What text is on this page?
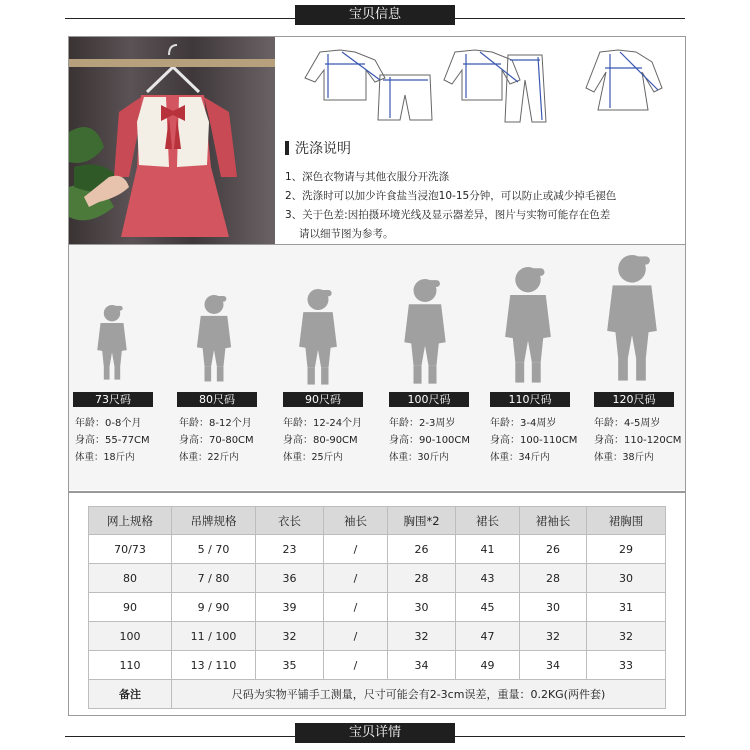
宝贝信息
洗涤说明
1、深色衣物请与其他衣服分开洗涤
2、洗涤时可以加少许食盐当浸泡10-15分钟，可以防止或减少掉毛褪色
3、关于色差:因拍摄环境光线及显示器差异，图片与实物可能存在色差
请以细节图为参考。
73尺码	80尺码	90尺码	100尺码	110尺码	120尺码
年龄：0-8个月
身高：55-77CM
体重：18斤内
年龄：8-12个月
身高：70-80CM
体重：22斤内
年龄：12-24个月
身高：80-90CM
体重：25斤内
年龄：2-3周岁
身高：90-100CM
体重：30斤内
年龄：3-4周岁
身高：100-110CM
体重：34斤内
年龄：4-5周岁
身高：110-120CM
体重：38斤内
网上规格	吊牌规格	衣长	袖长	胸围*2	裙长	裙袖长	裙胸围
70/73	5 / 70	23	/	26	41	26	29
80	7 / 80	36	/	28	43	28	30
90	9 / 90	39	/	30	45	30	31
100	11 / 100	32	/	32	47	32	32
110	13 / 110	35	/	34	49	34	33
备注	尺码为实物平铺手工测量，尺寸可能会有2-3cm误差，重量：0.2KG(两件套)						
宝贝详情
